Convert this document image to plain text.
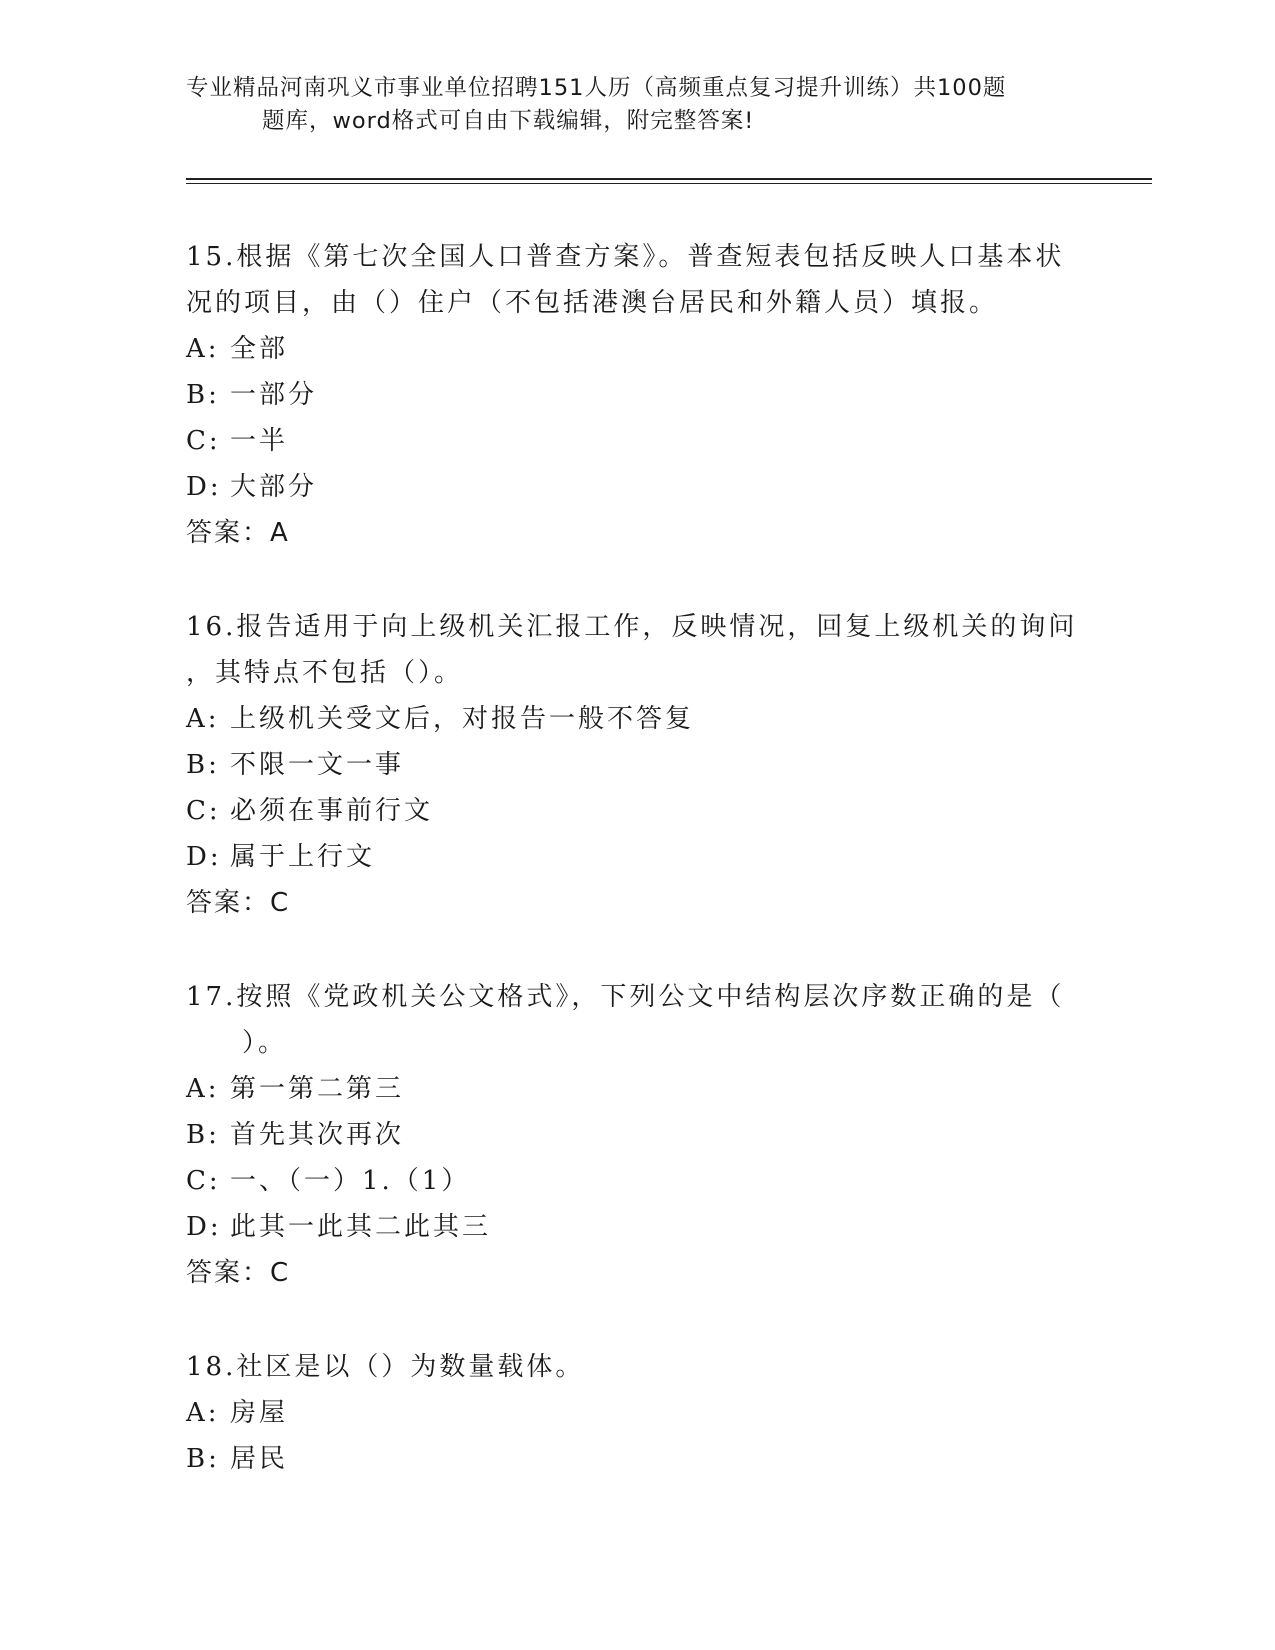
专业精品河南巩义市事业单位招聘151人历（高频重点复习提升训练）共100题
题库，word格式可自由下载编辑，附完整答案!
15.根据《第七次全国人口普查方案》。普查短表包括反映人口基本状
况的项目，由（）住户（不包括港澳台居民和外籍人员）填报。
A: 全部
B: 一部分
C: 一半
D: 大部分
答案：A
16.报告适用于向上级机关汇报工作，反映情况，回复上级机关的询问
，其特点不包括（）。
A: 上级机关受文后，对报告一般不答复
B: 不限一文一事
C: 必须在事前行文
D: 属于上行文
答案：C
17.按照《党政机关公文格式》，下列公文中结构层次序数正确的是（
）。
A: 第一第二第三
B: 首先其次再次
C: 一、（一）1.（1）
D: 此其一此其二此其三
答案：C
18.社区是以（）为数量载体。
A: 房屋
B: 居民
